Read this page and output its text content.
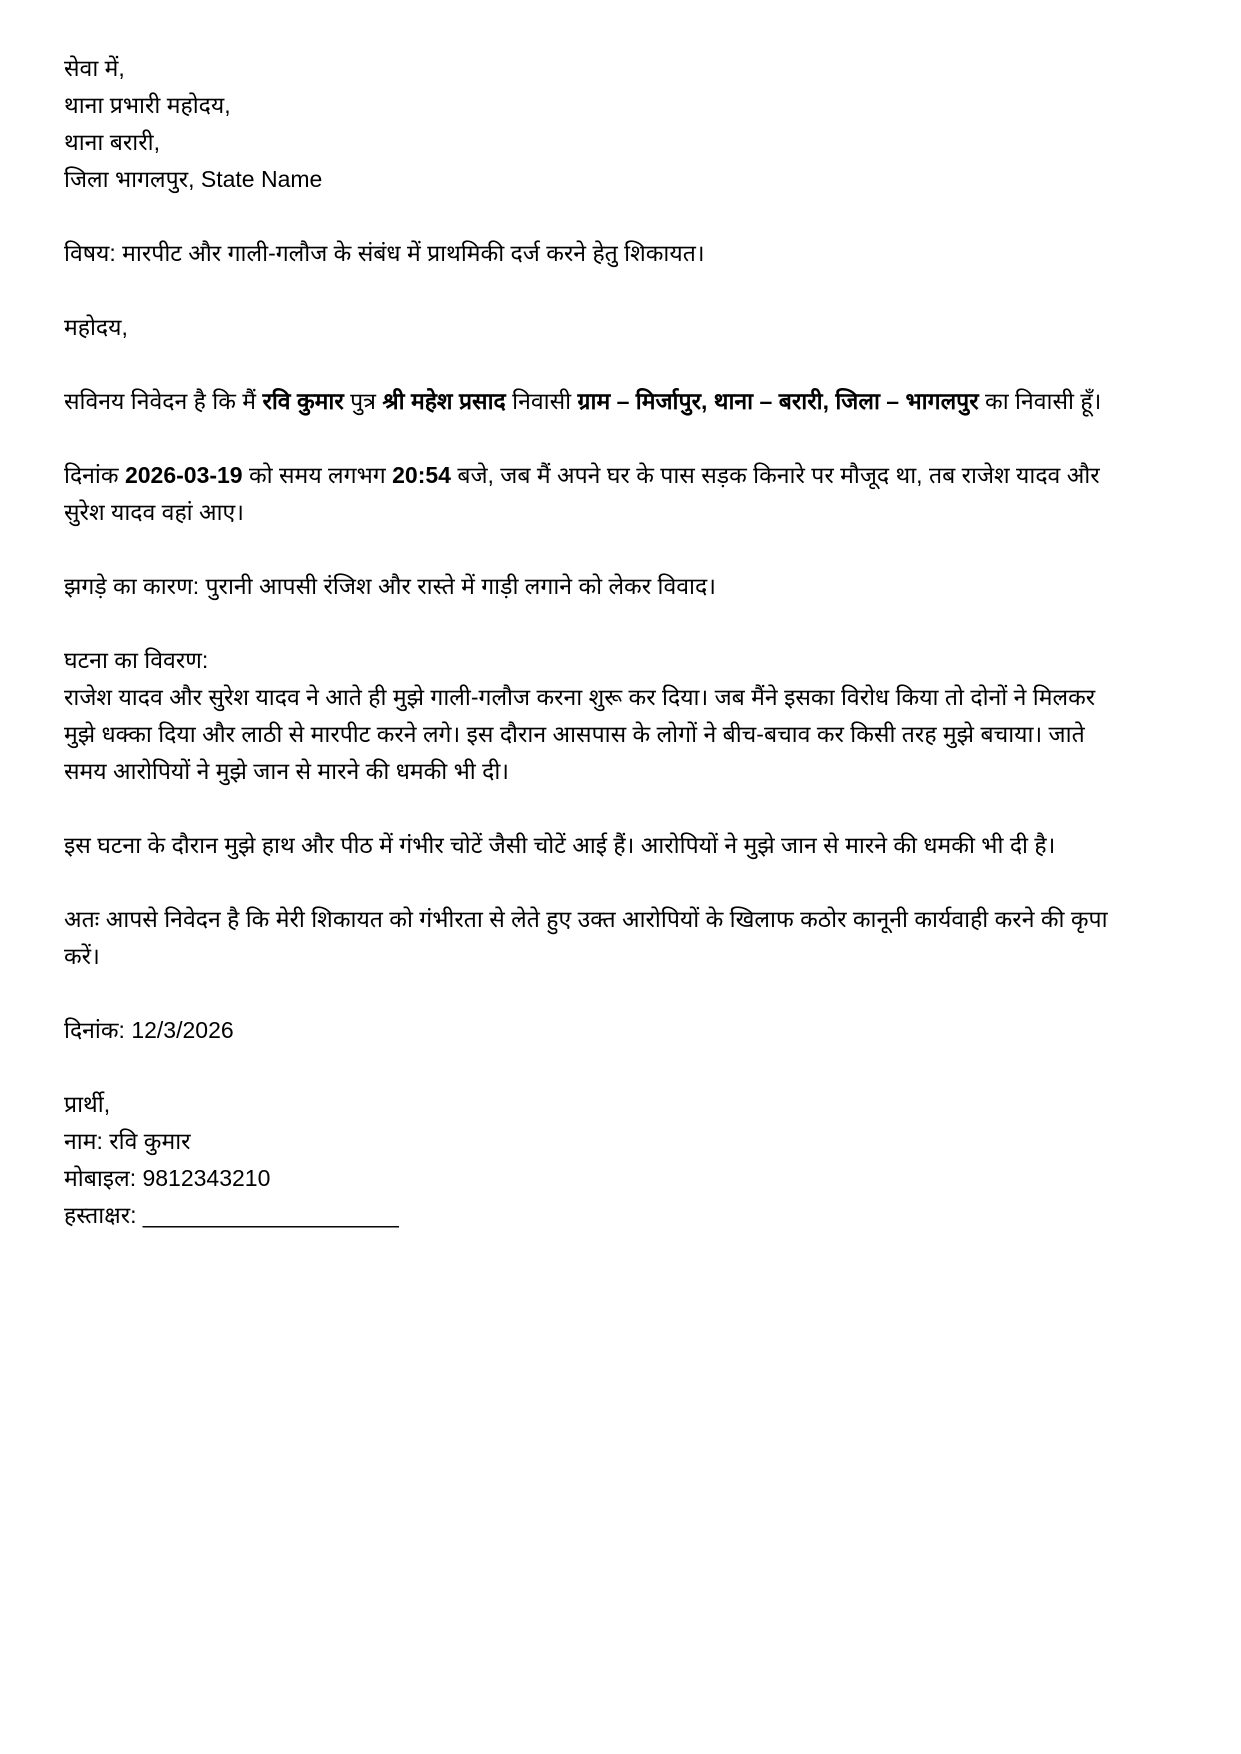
सेवा में,

थाना प्रभारी महोदय,

थाना बरारी,

जिला भागलपुर, State Name

विषय: मारपीट और गाली-गलौज के संबंध में प्राथमिकी दर्ज करने हेतु शिकायत।

महोदय,

सविनय निवेदन है कि मैं रवि कुमार पुत्र श्री महेश प्रसाद निवासी ग्राम – मिर्जापुर, थाना – बरारी, जिला – भागलपुर का निवासी हूँ।

दिनांक 2026-03-19 को समय लगभग 20:54 बजे, जब मैं अपने घर के पास सड़क किनारे पर मौजूद था, तब राजेश यादव और सुरेश यादव वहां आए।

झगड़े का कारण: पुरानी आपसी रंजिश और रास्ते में गाड़ी लगाने को लेकर विवाद।

घटना का विवरण:

राजेश यादव और सुरेश यादव ने आते ही मुझे गाली-गलौज करना शुरू कर दिया। जब मैंने इसका विरोध किया तो दोनों ने मिलकर मुझे धक्का दिया और लाठी से मारपीट करने लगे। इस दौरान आसपास के लोगों ने बीच-बचाव कर किसी तरह मुझे बचाया। जाते समय आरोपियों ने मुझे जान से मारने की धमकी भी दी।

इस घटना के दौरान मुझे हाथ और पीठ में गंभीर चोटें जैसी चोटें आई हैं। आरोपियों ने मुझे जान से मारने की धमकी भी दी है।

अतः आपसे निवेदन है कि मेरी शिकायत को गंभीरता से लेते हुए उक्त आरोपियों के खिलाफ कठोर कानूनी कार्यवाही करने की कृपा करें।

दिनांक: 12/3/2026

प्रार्थी,

नाम: रवि कुमार

मोबाइल: 9812343210

हस्ताक्षर: ____________________
